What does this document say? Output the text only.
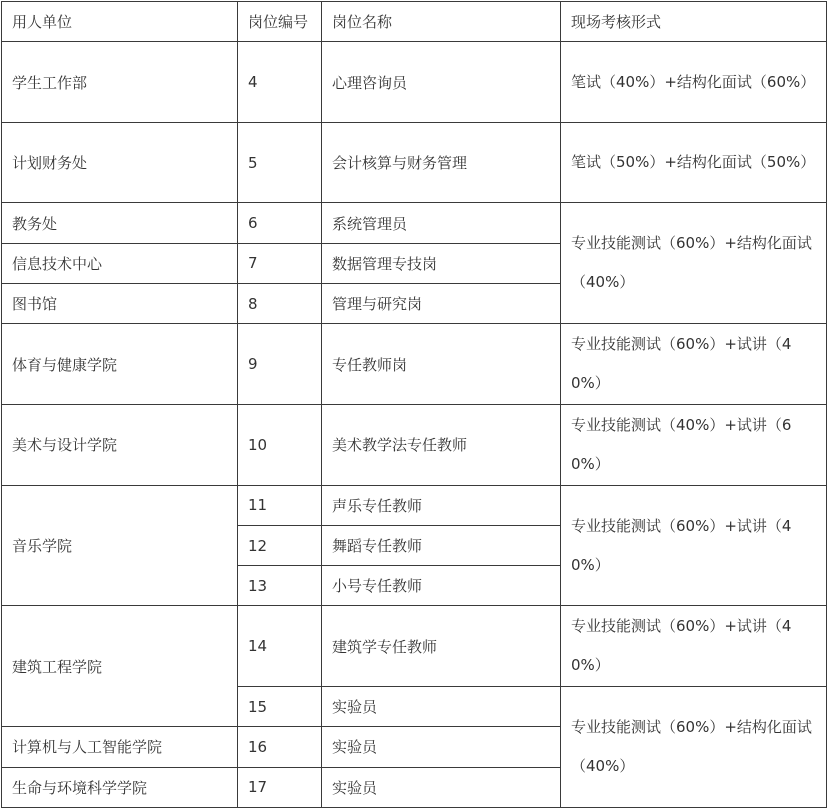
用人单位	岗位编号	岗位名称	现场考核形式
学生工作部	4	心理咨询员	笔试（40%）+结构化面试（60%）
计划财务处	5	会计核算与财务管理	笔试（50%）+结构化面试（50%）
教务处	6	系统管理员	专业技能测试（60%）+结构化面试（40%）
信息技术中心	7	数据管理专技岗	
图书馆	8	管理与研究岗	
体育与健康学院	9	专任教师岗	专业技能测试（60%）+试讲（40%）
美术与设计学院	10	美术教学法专任教师	专业技能测试（40%）+试讲（60%）
音乐学院	11	声乐专任教师	专业技能测试（60%）+试讲（40%）
	12	舞蹈专任教师	
	13	小号专任教师	
建筑工程学院	14	建筑学专任教师	专业技能测试（60%）+试讲（40%）
	15	实验员	专业技能测试（60%）+结构化面试（40%）
计算机与人工智能学院	16	实验员	
生命与环境科学学院	17	实验员	
